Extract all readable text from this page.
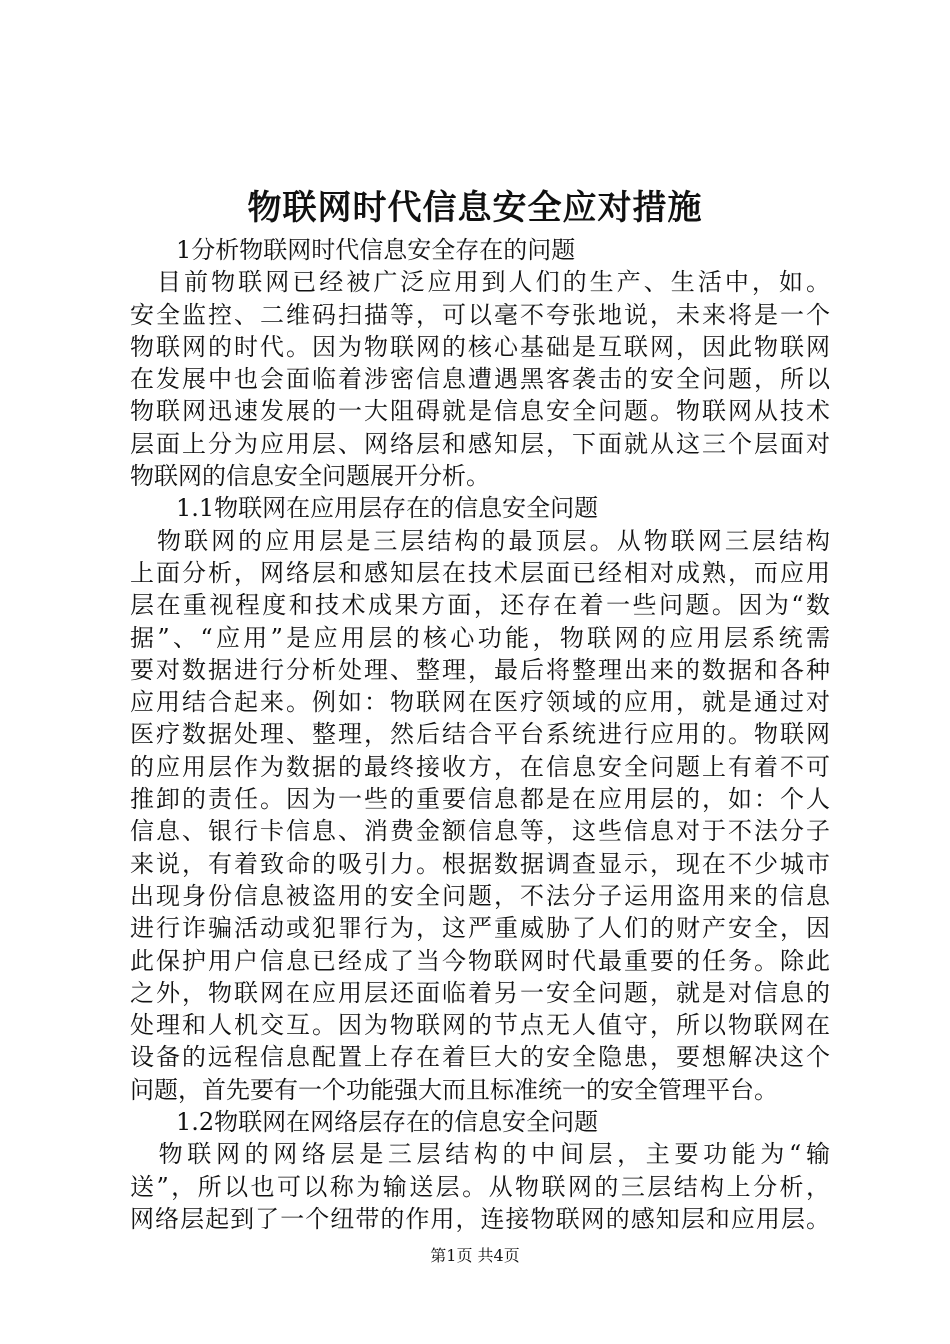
物联网时代信息安全应对措施
1分析物联网时代信息安全存在的问题
　目前物联网已经被广泛应用到人们的生产、生活中，如。
安全监控、二维码扫描等，可以毫不夸张地说，未来将是一个
物联网的时代。因为物联网的核心基础是互联网，因此物联网
在发展中也会面临着涉密信息遭遇黑客袭击的安全问题，所以
物联网迅速发展的一大阻碍就是信息安全问题。物联网从技术
层面上分为应用层、网络层和感知层，下面就从这三个层面对
物联网的信息安全问题展开分析。
1.1物联网在应用层存在的信息安全问题
　物联网的应用层是三层结构的最顶层。从物联网三层结构
上面分析，网络层和感知层在技术层面已经相对成熟，而应用
层在重视程度和技术成果方面，还存在着一些问题。因为“数
据”、“应用”是应用层的核心功能，物联网的应用层系统需
要对数据进行分析处理、整理，最后将整理出来的数据和各种
应用结合起来。例如：物联网在医疗领域的应用，就是通过对
医疗数据处理、整理，然后结合平台系统进行应用的。物联网
的应用层作为数据的最终接收方，在信息安全问题上有着不可
推卸的责任。因为一些的重要信息都是在应用层的，如：个人
信息、银行卡信息、消费金额信息等，这些信息对于不法分子
来说，有着致命的吸引力。根据数据调查显示，现在不少城市
出现身份信息被盗用的安全问题，不法分子运用盗用来的信息
进行诈骗活动或犯罪行为，这严重威胁了人们的财产安全，因
此保护用户信息已经成了当今物联网时代最重要的任务。除此
之外，物联网在应用层还面临着另一安全问题，就是对信息的
处理和人机交互。因为物联网的节点无人值守，所以物联网在
设备的远程信息配置上存在着巨大的安全隐患，要想解决这个
问题，首先要有一个功能强大而且标准统一的安全管理平台。
1.2物联网在网络层存在的信息安全问题
　物联网的网络层是三层结构的中间层，主要功能为“输
送”，所以也可以称为输送层。从物联网的三层结构上分析，
网络层起到了一个纽带的作用，连接物联网的感知层和应用层。
第1页 共4页
